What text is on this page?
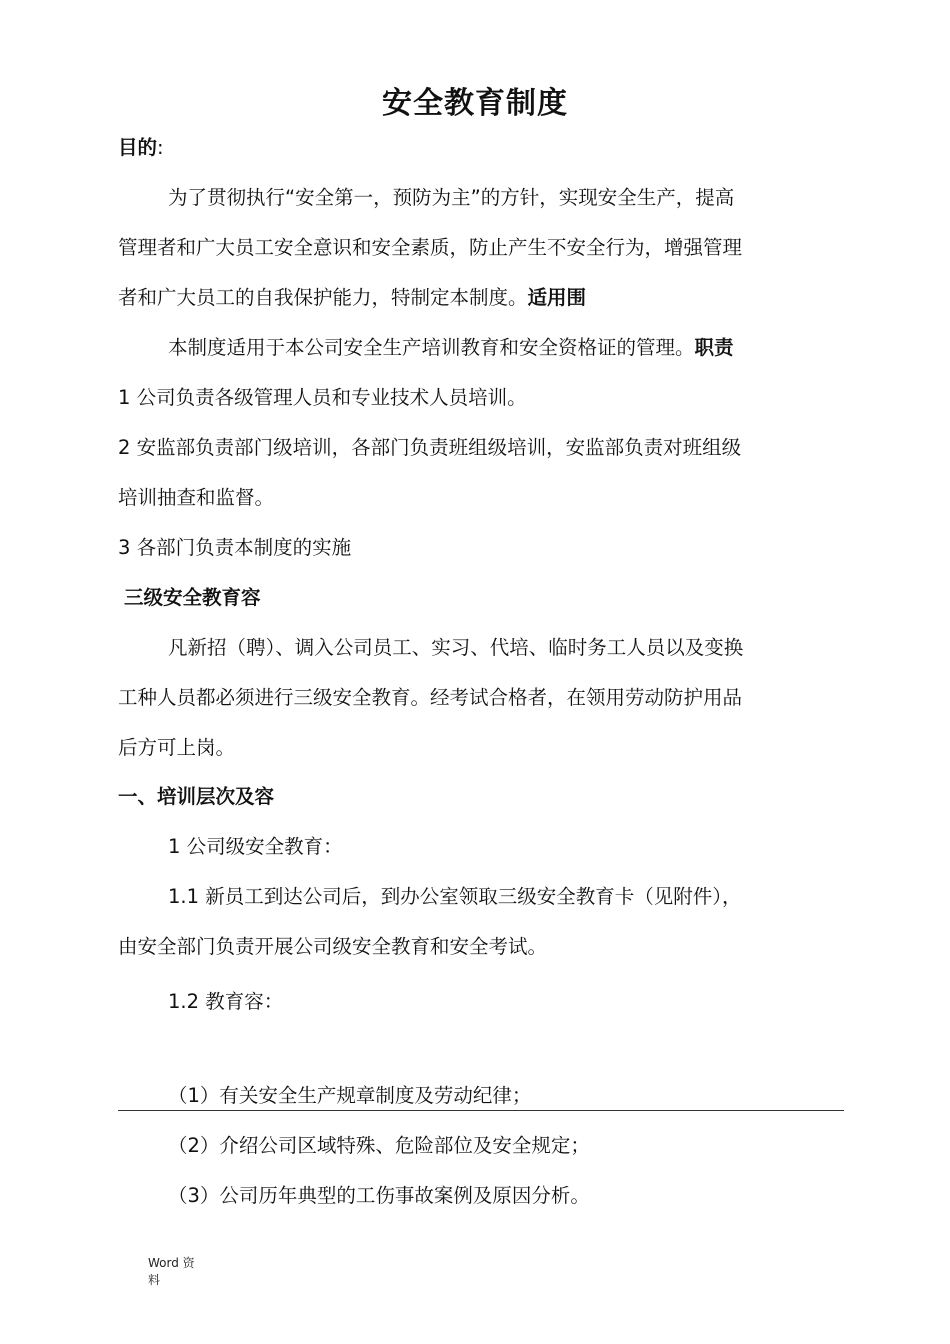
安全教育制度
目的:
为了贯彻执行“安全第一，预防为主”的方针，实现安全生产，提高
管理者和广大员工安全意识和安全素质，防止产生不安全行为，增强管理
者和广大员工的自我保护能力，特制定本制度。适用围
本制度适用于本公司安全生产培训教育和安全资格证的管理。职责
1 公司负责各级管理人员和专业技术人员培训。
2 安监部负责部门级培训，各部门负责班组级培训，安监部负责对班组级
培训抽查和监督。
3 各部门负责本制度的实施
三级安全教育容
凡新招（聘）、调入公司员工、实习、代培、临时务工人员以及变换
工种人员都必须进行三级安全教育。经考试合格者，在领用劳动防护用品
后方可上岗。
一、培训层次及容
1 公司级安全教育：
1.1 新员工到达公司后，到办公室领取三级安全教育卡（见附件），
由安全部门负责开展公司级安全教育和安全考试。
1.2 教育容：
（1）有关安全生产规章制度及劳动纪律；
（2）介绍公司区域特殊、危险部位及安全规定；
（3）公司历年典型的工伤事故案例及原因分析。
Word 资
料
